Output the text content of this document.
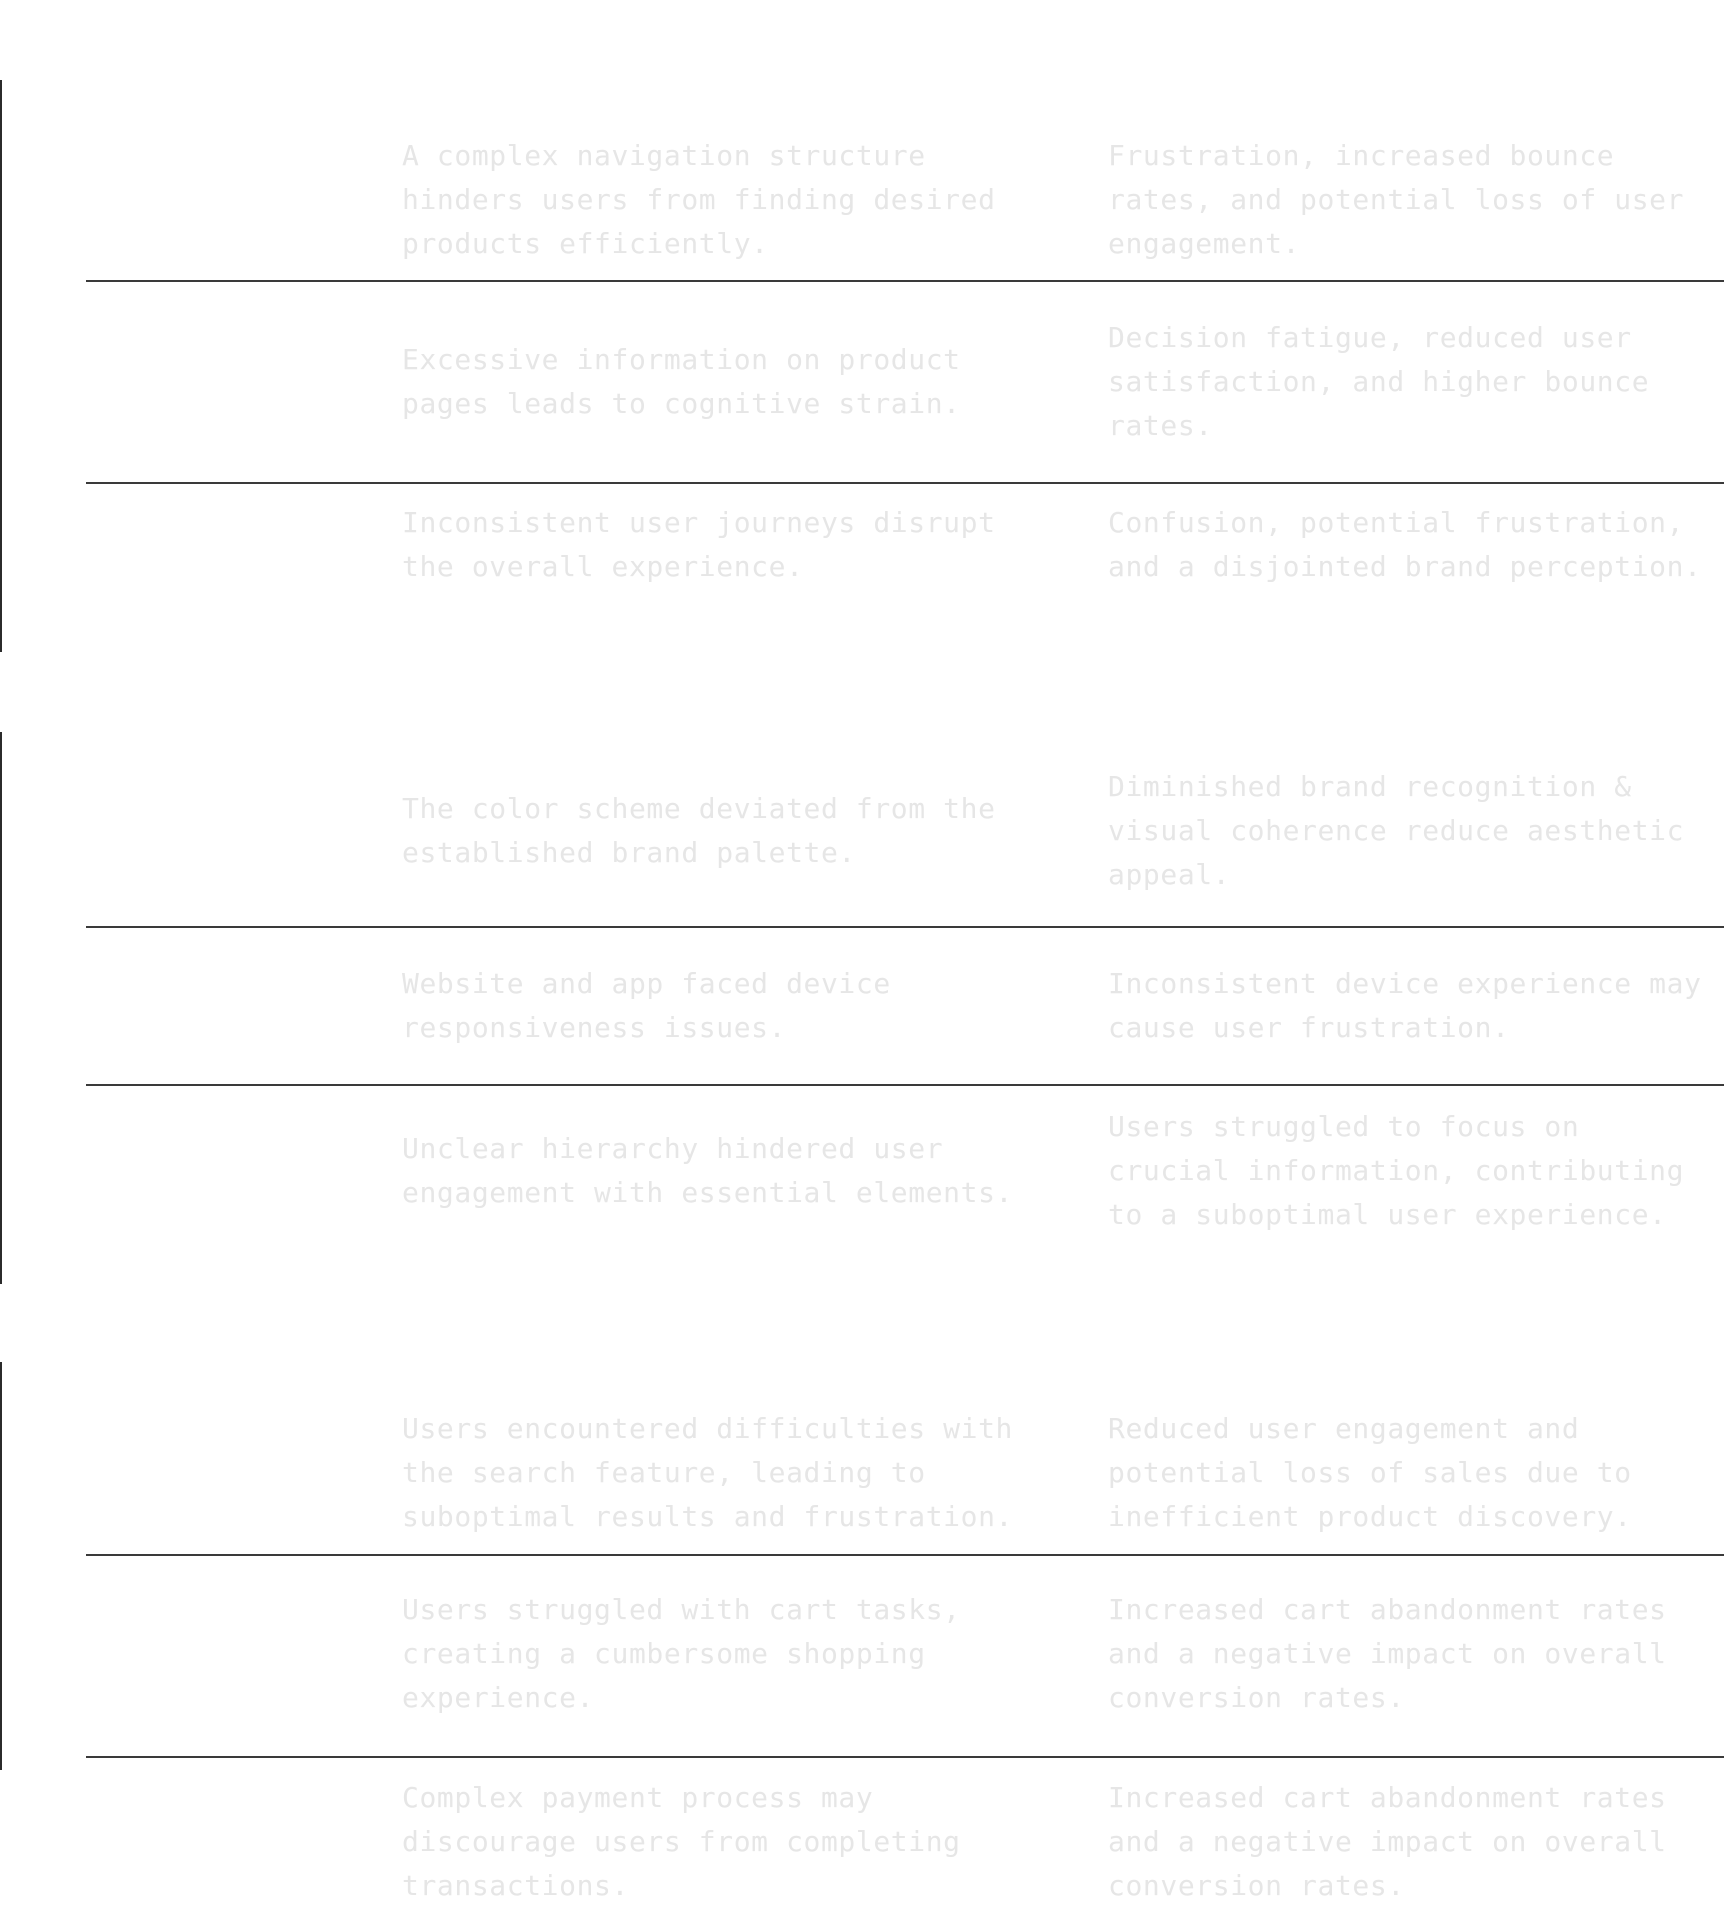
A complex navigation structure hinders users from finding desired products efficiently.
Frustration, increased bounce rates, and potential loss of user engagement.
Excessive information on product pages leads to cognitive strain.
Decision fatigue, reduced user satisfaction, and higher bounce rates.
Inconsistent user journeys disrupt the overall experience.
Confusion, potential frustration, and a disjointed brand perception.
The color scheme deviated from the established brand palette.
Diminished brand recognition & visual coherence reduce aesthetic appeal.
Website and app faced device responsiveness issues.
Inconsistent device experience may cause user frustration.
Unclear hierarchy hindered user engagement with essential elements.
Users struggled to focus on crucial information, contributing to a suboptimal user experience.
Users encountered difficulties with the search feature, leading to suboptimal results and frustration.
Reduced user engagement and potential loss of sales due to inefficient product discovery.
Users struggled with cart tasks, creating a cumbersome shopping experience.
Increased cart abandonment rates and a negative impact on overall conversion rates.
Complex payment process may discourage users from completing transactions.
Increased cart abandonment rates and a negative impact on overall conversion rates.
